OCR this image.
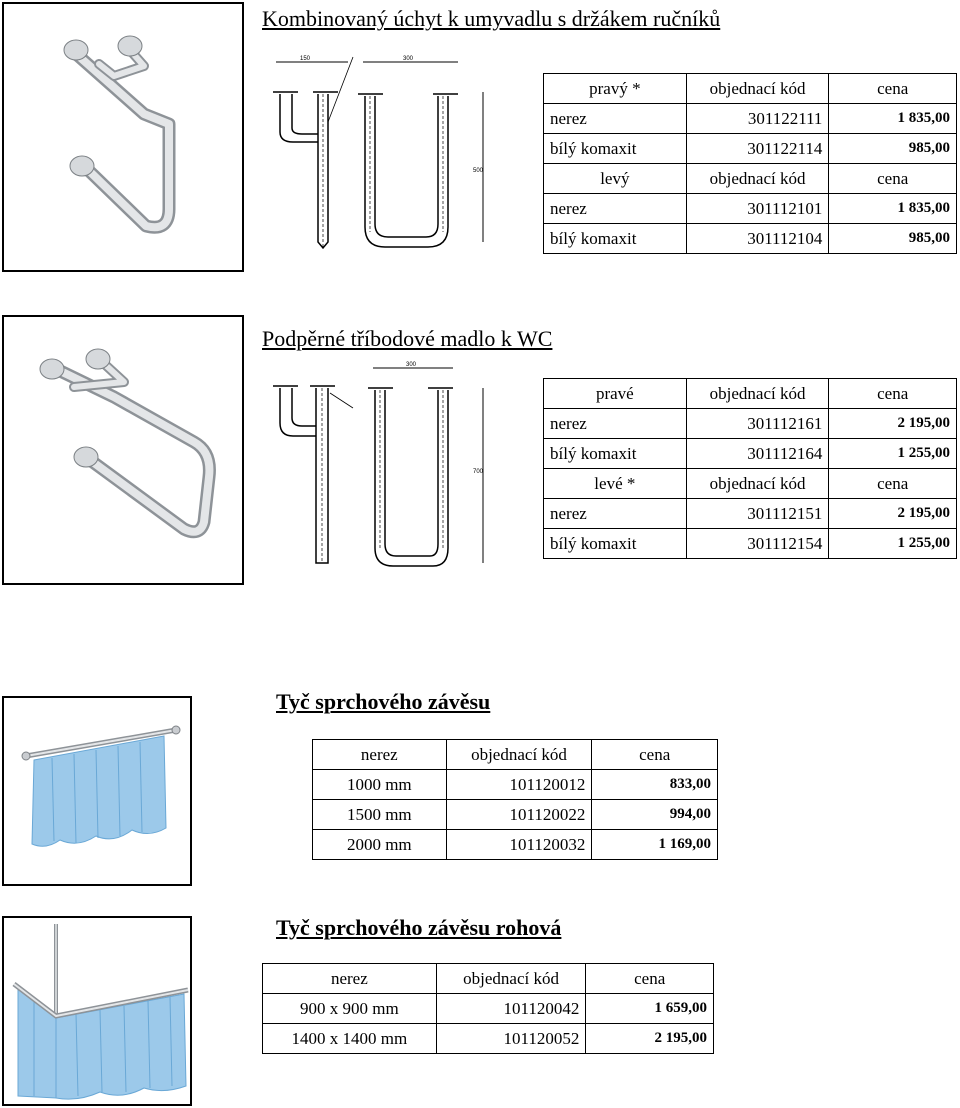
Kombinovaný úchyt k umyvadlu s držákem ručníků
150	300
500
pravý *	objednací kód	cena
nerez	301122111	1 835,00
bílý komaxit	301122114	985,00
levý	objednací kód	cena
nerez	301112101	1 835,00
bílý komaxit	301112104	985,00
Podpěrné tříbodové madlo k WC
300
700
pravé	objednací kód	cena
nerez	301112161	2 195,00
bílý komaxit	301112164	1 255,00
levé *	objednací kód	cena
nerez	301112151	2 195,00
bílý komaxit	301112154	1 255,00
Tyč sprchového závěsu
nerez	objednací kód	cena
1000 mm	101120012	833,00
1500 mm	101120022	994,00
2000 mm	101120032	1 169,00
Tyč sprchového závěsu rohová
nerez	objednací kód	cena
900 x 900 mm	101120042	1 659,00
1400 x 1400 mm	101120052	2 195,00
